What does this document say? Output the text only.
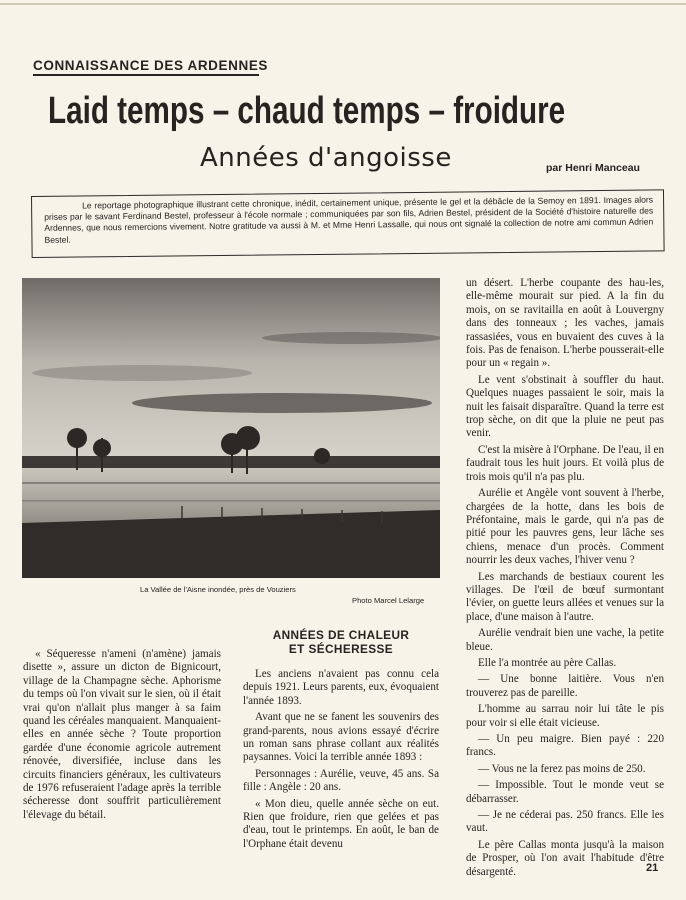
CONNAISSANCE DES ARDENNES
Laid temps – chaud temps – froidure
Années d'angoisse	par Henri Manceau

Le reportage photographique illustrant cette chronique, inédit, certainement unique, présente le gel et la débâcle de la Semoy en 1891. Images alors prises par le savant Ferdinand Bestel, professeur à l'école normale ; communiquées par son fils, Adrien Bestel, président de la Société d'histoire naturelle des Ardennes, que nous remercions vivement. Notre gratitude va aussi à M. et Mme Henri Lassalle, qui nous ont signalé la collection de notre ami commun Adrien Bestel.

La Vallée de l'Aisne inondée, près de Vouziers
Photo Marcel Lelarge

« Séqueresse n'ameni (n'amène) jamais disette », assure un dicton de Bignicourt, village de la Champagne sèche. Aphorisme du temps où l'on vivait sur le sien, où il était vrai qu'on n'allait plus manger à sa faim quand les céréales manquaient. Manquaient-elles en année sèche ? Toute proportion gardée d'une économie agricole autrement rénovée, diversifiée, incluse dans les circuits financiers généraux, les cultivateurs de 1976 refuseraient l'adage après la terrible sécheresse dont souffrit particulièrement l'élevage du bétail.

ANNÉES DE CHALEUR
ET SÉCHERESSE

Les anciens n'avaient pas connu cela depuis 1921. Leurs parents, eux, évoquaient l'année 1893.

Avant que ne se fanent les souvenirs des grand-parents, nous avions essayé d'écrire un roman sans phrase collant aux réalités paysannes. Voici la terrible année 1893 :

Personnages : Aurélie, veuve, 45 ans. Sa fille : Angèle : 20 ans.

« Mon dieu, quelle année sèche on eut. Rien que froidure, rien que gelées et pas d'eau, tout le printemps. En août, le ban de l'Orphane était devenu

un désert. L'herbe coupante des hau-les, elle-même mourait sur pied. A la fin du mois, on se ravitailla en août à Louvergny dans des tonneaux ; les vaches, jamais rassasiées, vous en buvaient des cuves à la fois. Pas de fenaison. L'herbe pousserait-elle pour un « regain ».

Le vent s'obstinait à souffler du haut. Quelques nuages passaient le soir, mais la nuit les faisait disparaître. Quand la terre est trop sèche, on dit que la pluie ne peut pas venir.

C'est la misère à l'Orphane. De l'eau, il en faudrait tous les huit jours. Et voilà plus de trois mois qu'il n'a pas plu.

Aurélie et Angèle vont souvent à l'herbe, chargées de la hotte, dans les bois de Préfontaine, mais le garde, qui n'a pas de pitié pour les pauvres gens, leur lâche ses chiens, menace d'un procès. Comment nourrir les deux vaches, l'hiver venu ?

Les marchands de bestiaux courent les villages. De l'œil de bœuf surmontant l'évier, on guette leurs allées et venues sur la place, d'une maison à l'autre.

Aurélie vendrait bien une vache, la petite bleue.

Elle l'a montrée au père Callas.

— Une bonne laitière. Vous n'en trouverez pas de pareille.

L'homme au sarrau noir lui tâte le pis pour voir si elle était vicieuse.

— Un peu maigre. Bien payé : 220 francs.

— Vous ne la ferez pas moins de 250.

— Impossible. Tout le monde veut se débarrasser.

— Je ne céderai pas. 250 francs. Elle les vaut.

Le père Callas monta jusqu'à la maison de Prosper, où l'on avait l'habitude d'être désargenté.	21
